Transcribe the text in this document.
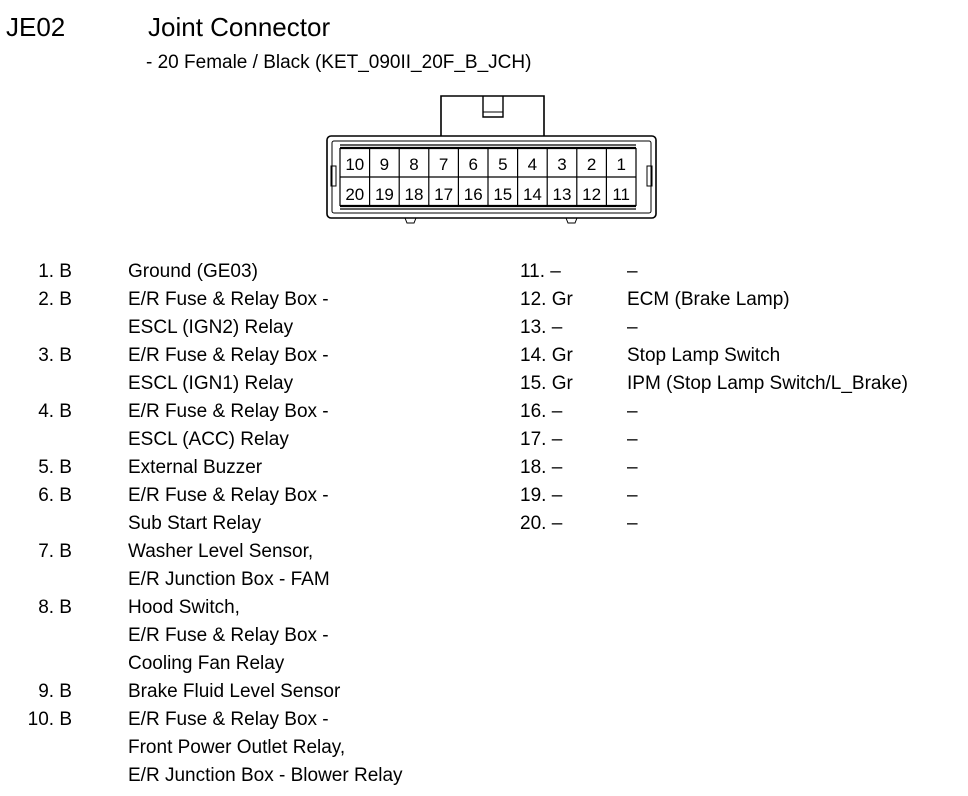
JE02	Joint Connector
- 20 Female / Black (KET_090II_20F_B_JCH)
10 9 8 7 6 5 4 3 2 1
20 19 18 17 16 15 14 13 12 11
1. B	Ground (GE03)
2. B	E/R Fuse & Relay Box -
ESCL (IGN2) Relay
3. B	E/R Fuse & Relay Box -
ESCL (IGN1) Relay
4. B	E/R Fuse & Relay Box -
ESCL (ACC) Relay
5. B	External Buzzer
6. B	E/R Fuse & Relay Box -
Sub Start Relay
7. B	Washer Level Sensor,
E/R Junction Box - FAM
8. B	Hood Switch,
E/R Fuse & Relay Box -
Cooling Fan Relay
9. B	Brake Fluid Level Sensor
10. B	E/R Fuse & Relay Box -
Front Power Outlet Relay,
E/R Junction Box - Blower Relay
11. –	–
12. Gr	ECM (Brake Lamp)
13. –	–
14. Gr	Stop Lamp Switch
15. Gr	IPM (Stop Lamp Switch/L_Brake)
16. –	–
17. –	–
18. –	–
19. –	–
20. –	–
